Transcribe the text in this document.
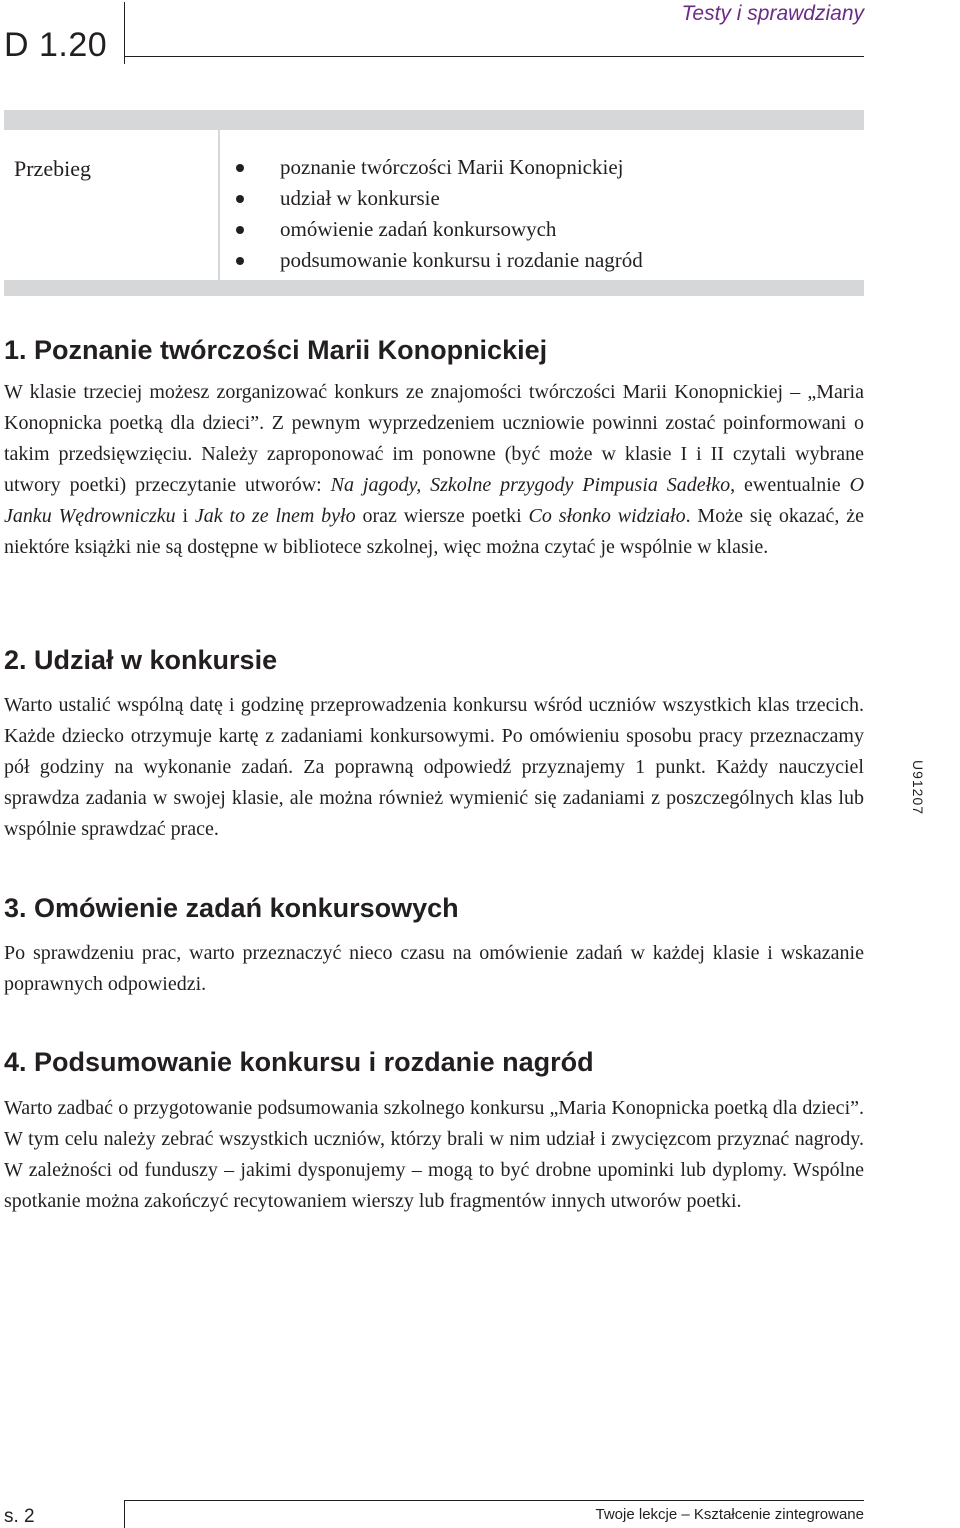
D 1.20
Testy i sprawdziany
Przebieg	poznanie twórczości Marii Konopnickiej
udział w konkursie
omówienie zadań konkursowych
podsumowanie konkursu i rozdanie nagród
1. Poznanie twórczości Marii Konopnickiej

W klasie trzeciej możesz zorganizować konkurs ze znajomości twórczości Marii Konopnickiej – „Maria Konopnicka poetką dla dzieci”. Z pewnym wyprzedzeniem uczniowie powinni zostać poinformowani o takim przedsięwzięciu. Należy zaproponować im ponowne (być może w klasie I i II czytali wybrane utwory poetki) przeczytanie utworów: Na jagody, Szkolne przygody Pimpusia Sadełko, ewentualnie O Janku Wędrowniczku i Jak to ze lnem było oraz wiersze poetki Co słonko widziało. Może się okazać, że niektóre książki nie są dostępne w bibliotece szkolnej, więc można czytać je wspólnie w klasie.

2. Udział w konkursie

Warto ustalić wspólną datę i godzinę przeprowadzenia konkursu wśród uczniów wszystkich klas trzecich. Każde dziecko otrzymuje kartę z zadaniami konkursowymi. Po omówieniu sposobu pracy przeznaczamy pół godziny na wykonanie zadań. Za poprawną odpowiedź przyznajemy 1 punkt. Każdy nauczyciel sprawdza zadania w swojej klasie, ale można również wymienić się zadaniami z poszczególnych klas lub wspólnie sprawdzać prace.

3. Omówienie zadań konkursowych

Po sprawdzeniu prac, warto przeznaczyć nieco czasu na omówienie zadań w każdej klasie i wskazanie poprawnych odpowiedzi.

4. Podsumowanie konkursu i rozdanie nagród

Warto zadbać o przygotowanie podsumowania szkolnego konkursu „Maria Konopnicka poetką dla dzieci”. W tym celu należy zebrać wszystkich uczniów, którzy brali w nim udział i zwycięzcom przyznać nagrody. W zależności od funduszy – jakimi dysponujemy – mogą to być drobne upominki lub dyplomy. Wspólne spotkanie można zakończyć recytowaniem wierszy lub fragmentów innych utworów poetki.

U91207
s. 2	Twoje lekcje – Kształcenie zintegrowane
